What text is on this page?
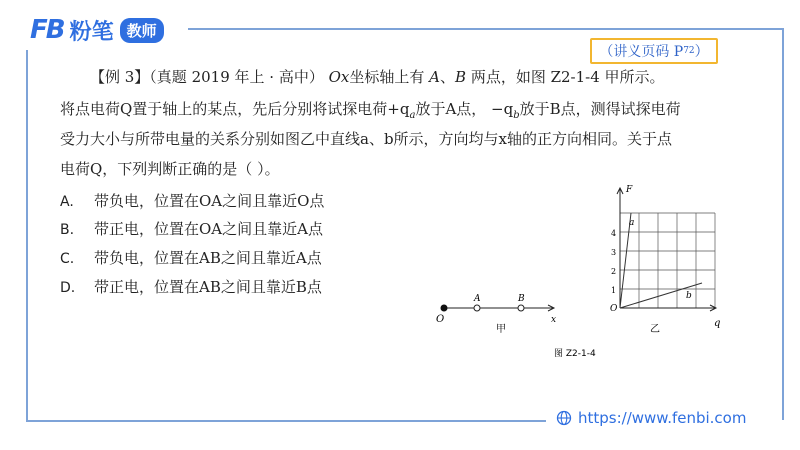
FB 粉笔 教师
（讲义页码 P 72 ）
【例 3】（真题 2019 年上 · 高中） Ox坐标轴上有 A、B 两点，如图 Z2-1-4 甲所示。
将点电荷Q置于轴上的某点，先后分别将试探电荷$+q_a$放于A点， $-q_b$放于B点，测得试探电荷
受力大小与所带电量的关系分别如图乙中直线a、b所示，方向均与x轴的正方向相同。关于点
电荷Q，下列判断正确的是（ ）。
A. 带负电，位置在OA之间且靠近O点
B. 带正电，位置在OA之间且靠近A点
C. 带负电，位置在AB之间且靠近A点
D. 带正电，位置在AB之间且靠近B点
O
A	B
x
甲
F
q
O
1
2
3
4
a
b
乙
图 Z2-1-4
https://www.fenbi.com
